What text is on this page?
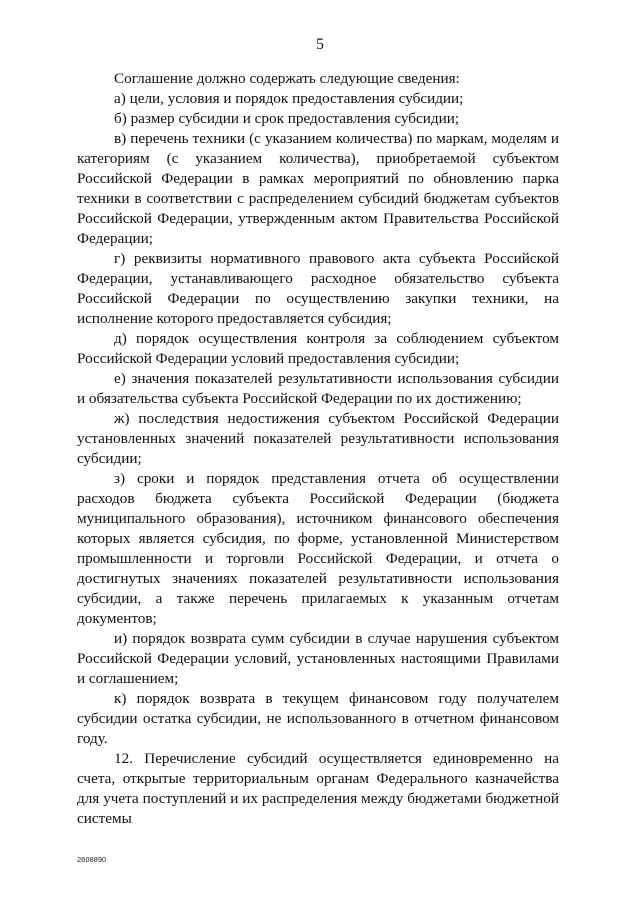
5

Соглашение должно содержать следующие сведения:

а) цели, условия и порядок предоставления субсидии;

б) размер субсидии и срок предоставления субсидии;

в) перечень техники (с указанием количества) по маркам, моделям и категориям (с указанием количества), приобретаемой субъектом Российской Федерации в рамках мероприятий по обновлению парка техники в соответствии с распределением субсидий бюджетам субъектов Российской Федерации, утвержденным актом Правительства Российской Федерации;

г) реквизиты нормативного правового акта субъекта Российской Федерации, устанавливающего расходное обязательство субъекта Российской Федерации по осуществлению закупки техники, на исполнение которого предоставляется субсидия;

д) порядок осуществления контроля за соблюдением субъектом Российской Федерации условий предоставления субсидии;

е) значения показателей результативности использования субсидии и обязательства субъекта Российской Федерации по их достижению;

ж) последствия недостижения субъектом Российской Федерации установленных значений показателей результативности использования субсидии;

з) сроки и порядок представления отчета об осуществлении расходов бюджета субъекта Российской Федерации (бюджета муниципального образования), источником финансового обеспечения которых является субсидия, по форме, установленной Министерством промышленности и торговли Российской Федерации, и отчета о достигнутых значениях показателей результативности использования субсидии, а также перечень прилагаемых к указанным отчетам документов;

и) порядок возврата сумм субсидии в случае нарушения субъектом Российской Федерации условий, установленных настоящими Правилами и соглашением;

к) порядок возврата в текущем финансовом году получателем субсидии остатка субсидии, не использованного в отчетном финансовом году.

12. Перечисление субсидий осуществляется единовременно на счета, открытые территориальным органам Федерального казначейства для учета поступлений и их распределения между бюджетами бюджетной системы

2608890
